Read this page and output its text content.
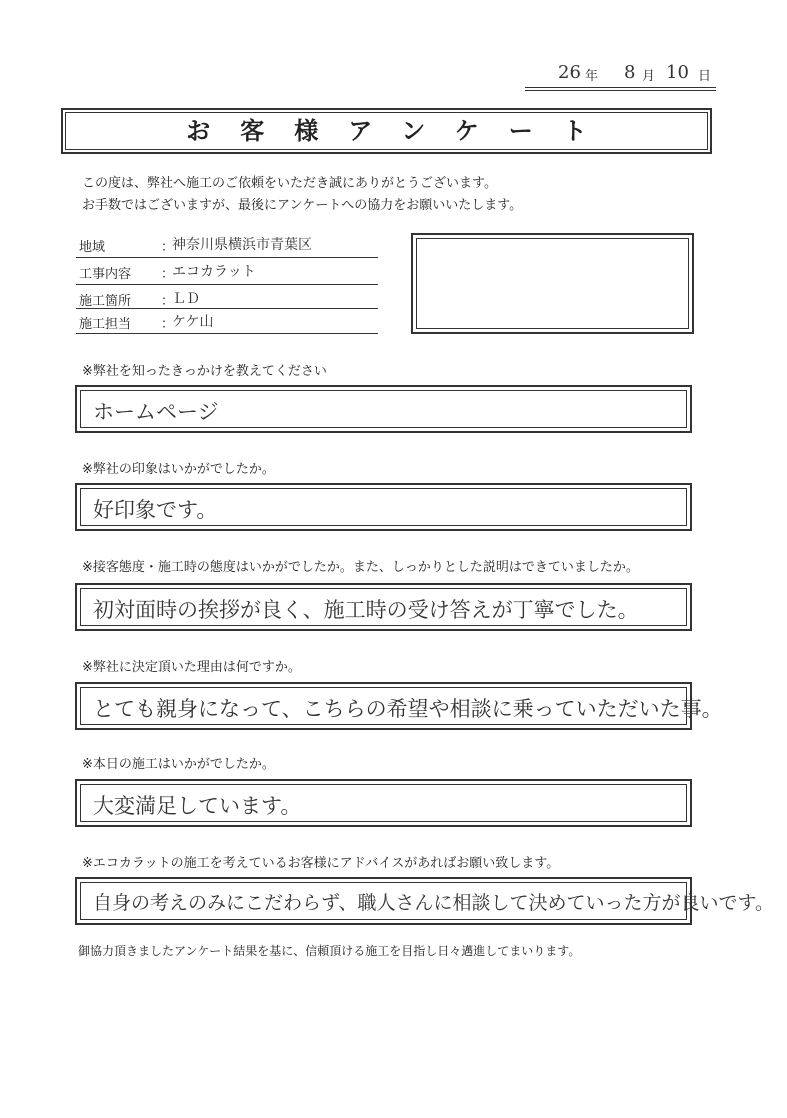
26 年 8 月 10 日
お客様アンケート
この度は、弊社へ施工のご依頼をいただき誠にありがとうございます。
お手数ではございますが、最後にアンケートへの協力をお願いいたします。
地域	：
神奈川県横浜市青葉区
工事内容 ：
エコカラット
施工箇所 ：
ＬＤ
施工担当 ：
ケケ山
※弊社を知ったきっかけを教えてください
ホームページ
※弊社の印象はいかがでしたか。
好印象です。
※接客態度・施工時の態度はいかがでしたか。また、しっかりとした説明はできていましたか。
初対面時の挨拶が良く、施工時の受け答えが丁寧でした。
※弊社に決定頂いた理由は何ですか。
とても親身になって、こちらの希望や相談に乗っていただいた事。
※本日の施工はいかがでしたか。
大変満足しています。
※エコカラットの施工を考えているお客様にアドバイスがあればお願い致します。
自身の考えのみにこだわらず、職人さんに相談して決めていった方が良いです。
御協力頂きましたアンケート結果を基に、信頼頂ける施工を目指し日々邁進してまいります。
